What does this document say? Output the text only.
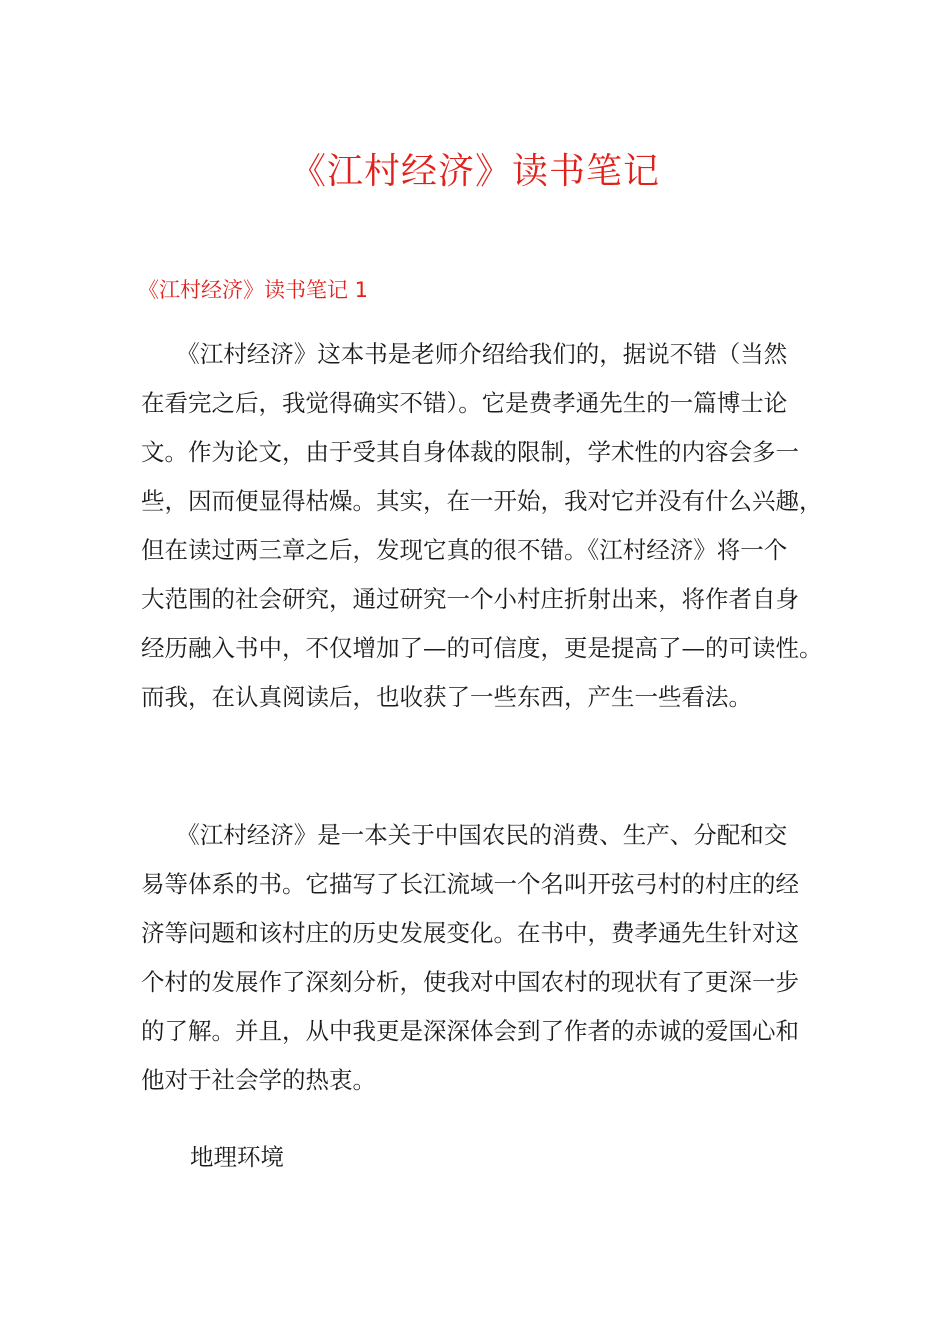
《江村经济》读书笔记
《江村经济》读书笔记 1
　　《江村经济》这本书是老师介绍给我们的，据说不错（当然
在看完之后，我觉得确实不错）。它是费孝通先生的一篇博士论
文。作为论文，由于受其自身体裁的限制，学术性的内容会多一
些，因而便显得枯燥。其实，在一开始，我对它并没有什么兴趣，
但在读过两三章之后，发现它真的很不错。《江村经济》将一个
大范围的社会研究，通过研究一个小村庄折射出来，将作者自身
经历融入书中，不仅增加了—的可信度，更是提高了—的可读性。
而我，在认真阅读后，也收获了一些东西，产生一些看法。
　　《江村经济》是一本关于中国农民的消费、生产、分配和交
易等体系的书。它描写了长江流域一个名叫开弦弓村的村庄的经
济等问题和该村庄的历史发展变化。在书中，费孝通先生针对这
个村的发展作了深刻分析，使我对中国农村的现状有了更深一步
的了解。并且，从中我更是深深体会到了作者的赤诚的爱国心和
他对于社会学的热衷。
地理环境
